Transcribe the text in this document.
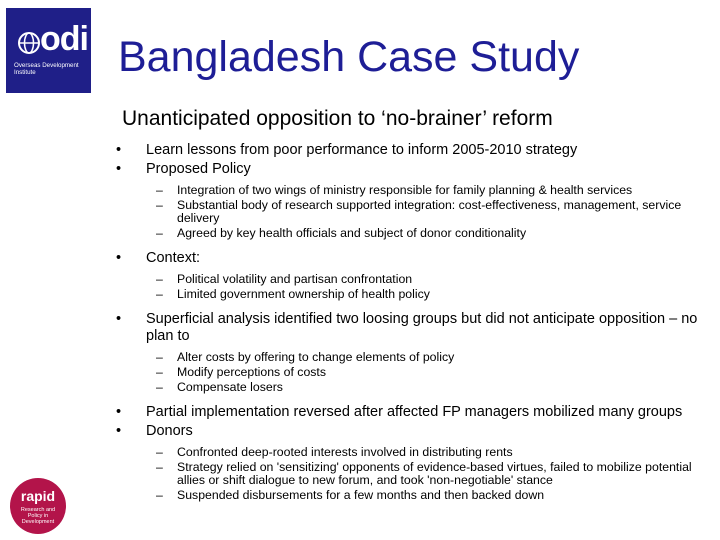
odi
Overseas Development Institute
rapid
Research and Policy in Development
Bangladesh Case Study
Unanticipated opposition to ‘no-brainer’ reform
•	Learn lessons from poor performance to inform 2005-2010 strategy
•	Proposed Policy
– Integration of two wings of ministry responsible for family planning & health services
– Substantial body of research supported integration: cost-effectiveness, management, service delivery
– Agreed by key health officials and subject of donor conditionality
•	Context:
– Political volatility and partisan confrontation
– Limited government ownership of health policy
•	Superficial analysis identified two loosing groups but did not anticipate opposition – no plan to
– Alter costs by offering to change elements of policy
– Modify perceptions of costs
– Compensate losers
•	Partial implementation reversed after affected FP managers mobilized many groups
•	Donors
– Confronted deep-rooted interests involved in distributing rents
– Strategy relied on 'sensitizing' opponents of evidence-based virtues, failed to mobilize potential allies or shift dialogue to new forum, and took 'non-negotiable' stance
– Suspended disbursements for a few months and then backed down
